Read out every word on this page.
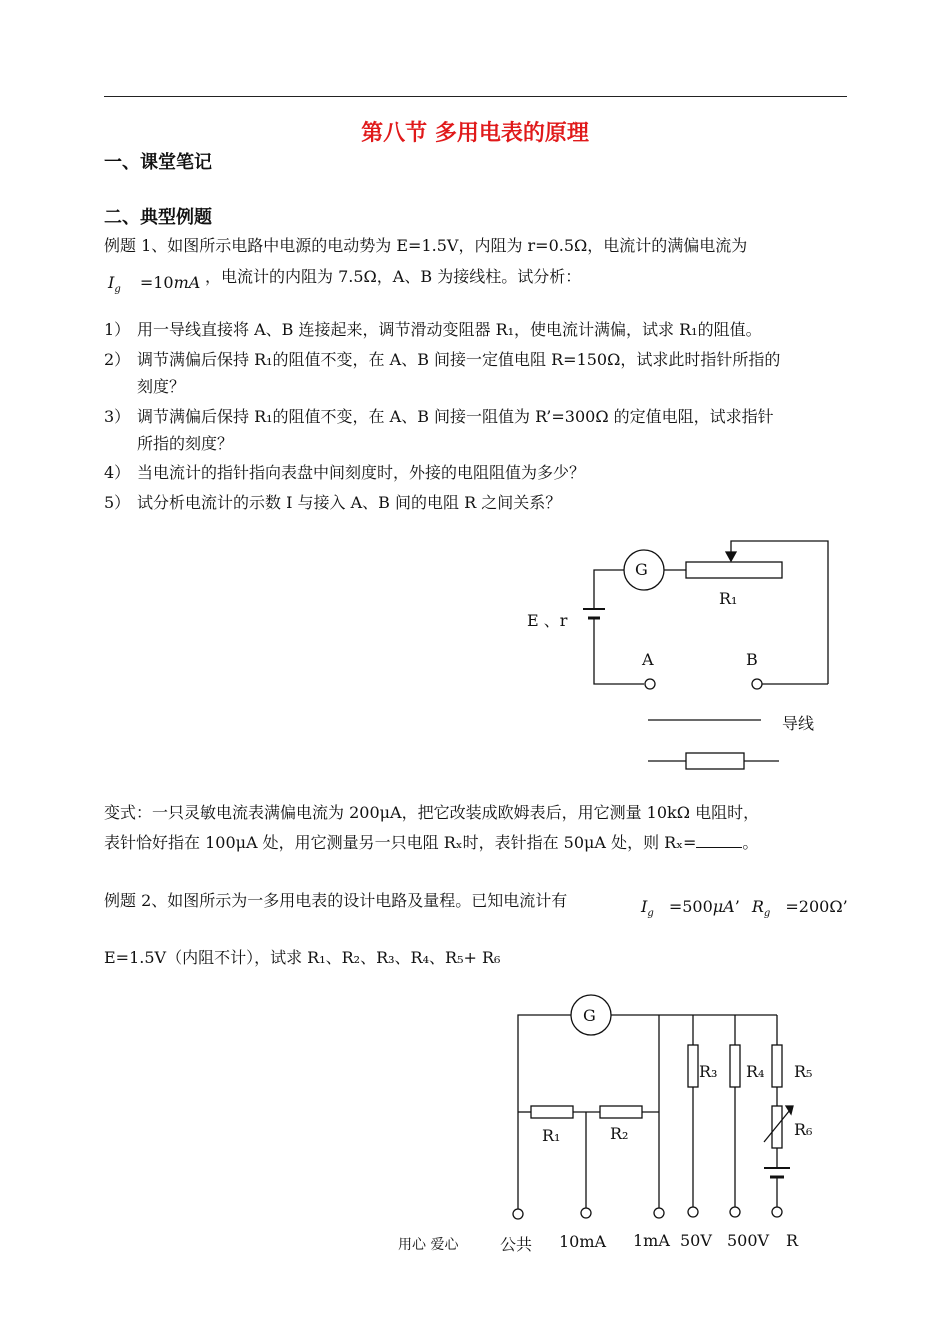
第八节 多用电表的原理
一、课堂笔记
二、典型例题
例题 1、如图所示电路中电源的电动势为 E=1.5V，内阻为 r=0.5Ω，电流计的满偏电流为
$I_g =10mA$ ，电流计的内阻为 7.5Ω，A、B 为接线柱。试分析：
1） 用一导线直接将 A、B 连接起来，调节滑动变阻器 R₁，使电流计满偏，试求 R₁的阻值。
2） 调节满偏后保持 R₁的阻值不变，在 A、B 间接一定值电阻 R=150Ω，试求此时指针所指的
刻度？
3） 调节满偏后保持 R₁的阻值不变，在 A、B 间接一阻值为 R’=300Ω 的定值电阻，试求指针
所指的刻度？
4） 当电流计的指针指向表盘中间刻度时，外接的电阻阻值为多少？
5） 试分析电流计的示数 I 与接入 A、B 间的电阻 R 之间关系？
G
R₁
E 、r
A	B
导线
变式：一只灵敏电流表满偏电流为 200μA，把它改装成欧姆表后，用它测量 10kΩ 电阻时，
表针恰好指在 100μA 处，用它测量另一只电阻 Rₓ时，表针指在 50μA 处，则 Rₓ=	。
例题 2、如图所示为一多用电表的设计电路及量程。已知电流计有	$I_g =500\mu A$’ $R_g =200\Omega$’
E=1.5V（内阻不计），试求 R₁、R₂、R₃、R₄、R₅+ R₆
G
R₁	R₂
R₃ R₄ R₅
R₆
公共 10mA 1mA 50V 500V R
用心 爱心
